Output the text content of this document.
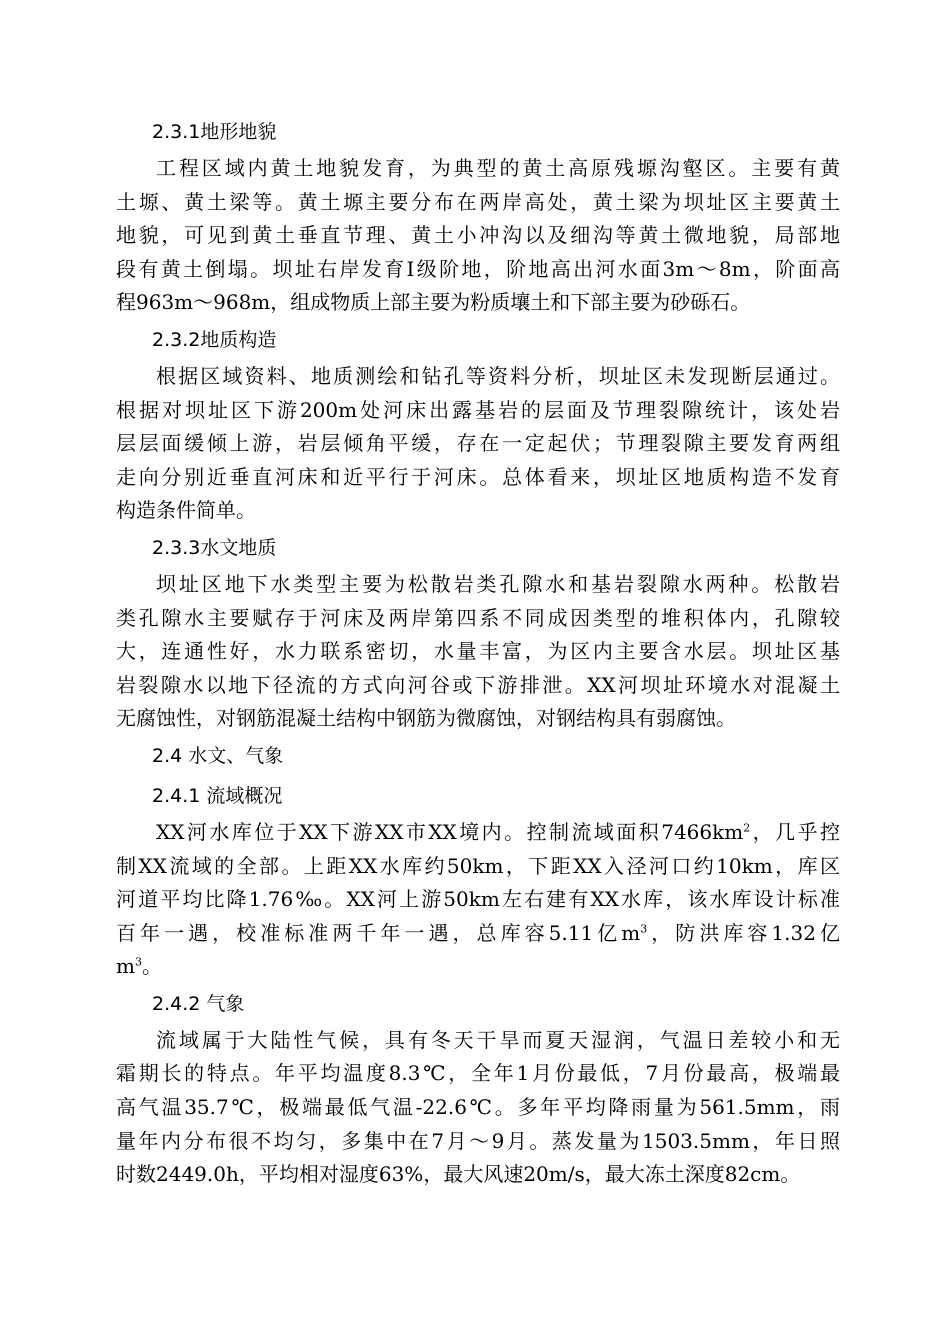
2.3.1地形地貌
工程区域内黄土地貌发育，为典型的黄土高原残塬沟壑区。主要有黄
土塬、黄土梁等。黄土塬主要分布在两岸高处，黄土梁为坝址区主要黄土
地貌，可见到黄土垂直节理、黄土小冲沟以及细沟等黄土微地貌，局部地
段有黄土倒塌。坝址右岸发育Ⅰ级阶地，阶地高出河水面3m～8m，阶面高
程963m～968m，组成物质上部主要为粉质壤土和下部主要为砂砾石。
2.3.2地质构造
根据区域资料、地质测绘和钻孔等资料分析，坝址区未发现断层通过。
根据对坝址区下游200m处河床出露基岩的层面及节理裂隙统计，该处岩
层层面缓倾上游，岩层倾角平缓，存在一定起伏；节理裂隙主要发育两组
走向分别近垂直河床和近平行于河床。总体看来，坝址区地质构造不发育
构造条件简单。
2.3.3水文地质
坝址区地下水类型主要为松散岩类孔隙水和基岩裂隙水两种。松散岩
类孔隙水主要赋存于河床及两岸第四系不同成因类型的堆积体内，孔隙较
大，连通性好，水力联系密切，水量丰富，为区内主要含水层。坝址区基
岩裂隙水以地下径流的方式向河谷或下游排泄。XX河坝址环境水对混凝土
无腐蚀性，对钢筋混凝土结构中钢筋为微腐蚀，对钢结构具有弱腐蚀。
2.4 水文、气象
2.4.1 流域概况
XX河水库位于XX下游XX市XX境内。控制流域面积$7466km^2$，几乎控
制XX流域的全部。上距XX水库约50km，下距XX入泾河口约10km，库区
河道平均比降1.76‰。XX河上游50km左右建有XX水库，该水库设计标准
百年一遇，校准标准两千年一遇，总库容5.11亿$m^3$，防洪库容1.32亿
$m^3$。
2.4.2 气象
流域属于大陆性气候，具有冬天干旱而夏天湿润，气温日差较小和无
霜期长的特点。年平均温度8.3℃，全年1月份最低，7月份最高，极端最
高气温35.7℃，极端最低气温-22.6℃。多年平均降雨量为561.5mm，雨
量年内分布很不均匀，多集中在7月～9月。蒸发量为1503.5mm，年日照
时数2449.0h，平均相对湿度63%，最大风速20m/s，最大冻土深度82cm。
